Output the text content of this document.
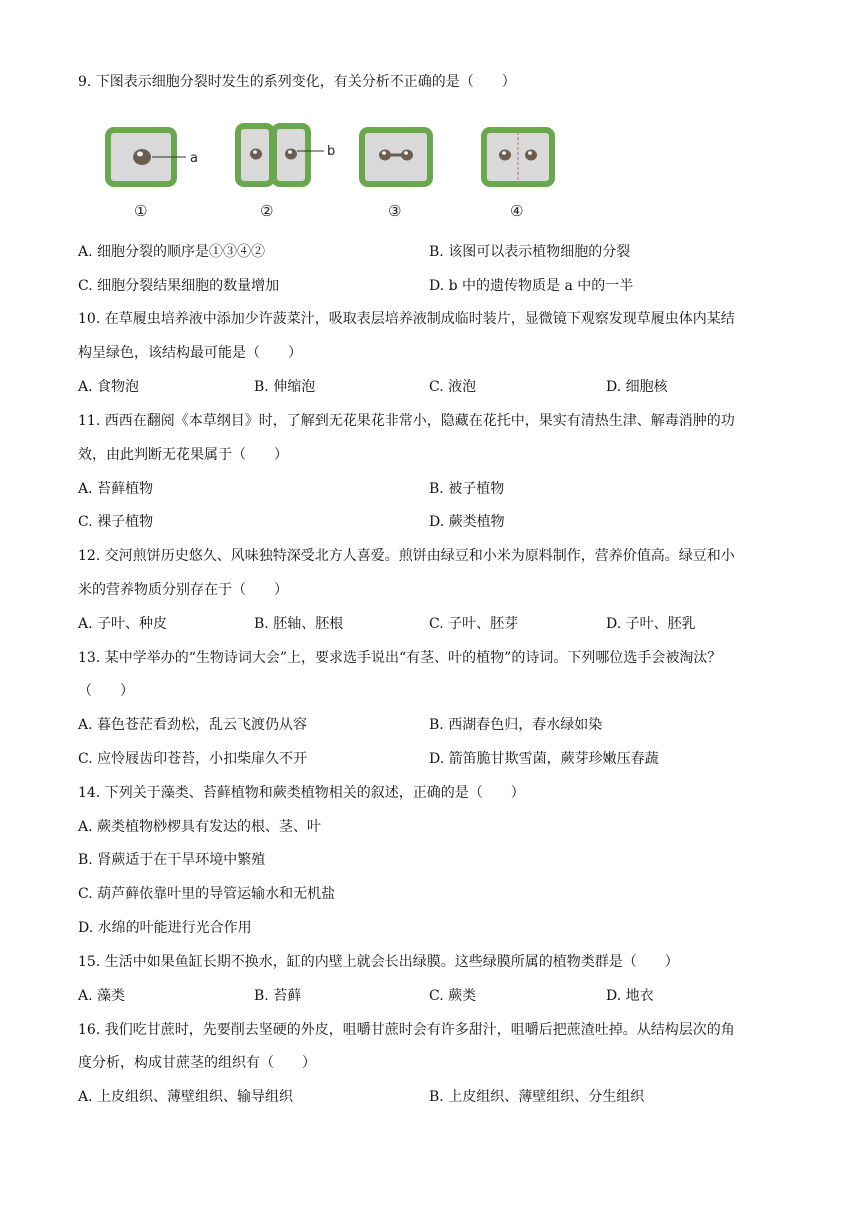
9. 下图表示细胞分裂时发生的系列变化，有关分析不正确的是（　　）
a
①
b
②	③	④
A. 细胞分裂的顺序是①③④②	B. 该图可以表示植物细胞的分裂
C. 细胞分裂结果细胞的数量增加	D. b 中的遗传物质是 a 中的一半
10. 在草履虫培养液中添加少许菠菜汁，吸取表层培养液制成临时装片，显微镜下观察发现草履虫体内某结
构呈绿色，该结构最可能是（　　）
A. 食物泡	B. 伸缩泡	C. 液泡	D. 细胞核
11. 西西在翻阅《本草纲目》时，了解到无花果花非常小，隐藏在花托中，果实有清热生津、解毒消肿的功
效，由此判断无花果属于（　　）
A. 苔藓植物	B. 被子植物
C. 裸子植物	D. 蕨类植物
12. 交河煎饼历史悠久、风味独特深受北方人喜爱。煎饼由绿豆和小米为原料制作，营养价值高。绿豆和小
米的营养物质分别存在于（　　）
A. 子叶、种皮	B. 胚轴、胚根	C. 子叶、胚芽	D. 子叶、胚乳
13. 某中学举办的“生物诗词大会”上，要求选手说出“有茎、叶的植物”的诗词。下列哪位选手会被淘汰？
（　　）
A. 暮色苍茫看劲松，乱云飞渡仍从容	B. 西湖春色归，春水绿如染
C. 应怜屐齿印苍苔，小扣柴扉久不开	D. 箭笛脆甘欺雪菌，蕨芽珍嫩压春蔬
14. 下列关于藻类、苔藓植物和蕨类植物相关的叙述，正确的是（　　）
A. 蕨类植物桫椤具有发达的根、茎、叶
B. 肾蕨适于在干旱环境中繁殖
C. 葫芦藓依靠叶里的导管运输水和无机盐
D. 水绵的叶能进行光合作用
15. 生活中如果鱼缸长期不换水，缸的内壁上就会长出绿膜。这些绿膜所属的植物类群是（　　）
A. 藻类	B. 苔藓	C. 蕨类	D. 地衣
16. 我们吃甘蔗时，先要削去坚硬的外皮，咀嚼甘蔗时会有许多甜汁，咀嚼后把蔗渣吐掉。从结构层次的角
度分析，构成甘蔗茎的组织有（　　）
A. 上皮组织、薄壁组织、输导组织	B. 上皮组织、薄壁组织、分生组织
